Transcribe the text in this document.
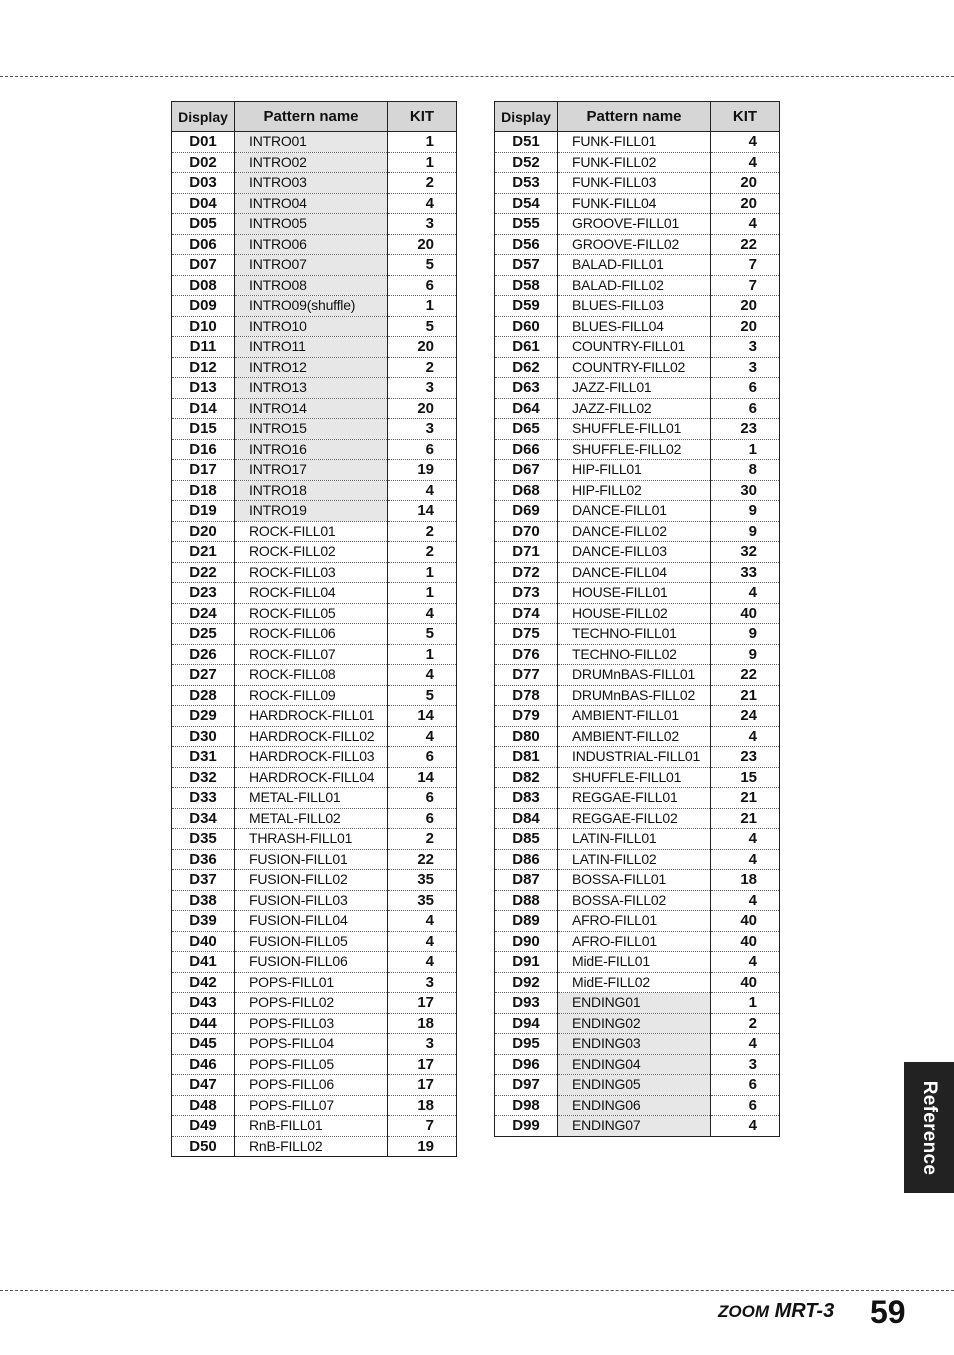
Display	Pattern name	KIT
D01	INTRO01	1
D02	INTRO02	1
D03	INTRO03	2
D04	INTRO04	4
D05	INTRO05	3
D06	INTRO06	20
D07	INTRO07	5
D08	INTRO08	6
D09	INTRO09(shuffle)	1
D10	INTRO10	5
D11	INTRO11	20
D12	INTRO12	2
D13	INTRO13	3
D14	INTRO14	20
D15	INTRO15	3
D16	INTRO16	6
D17	INTRO17	19
D18	INTRO18	4
D19	INTRO19	14
D20	ROCK-FILL01	2
D21	ROCK-FILL02	2
D22	ROCK-FILL03	1
D23	ROCK-FILL04	1
D24	ROCK-FILL05	4
D25	ROCK-FILL06	5
D26	ROCK-FILL07	1
D27	ROCK-FILL08	4
D28	ROCK-FILL09	5
D29	HARDROCK-FILL01	14
D30	HARDROCK-FILL02	4
D31	HARDROCK-FILL03	6
D32	HARDROCK-FILL04	14
D33	METAL-FILL01	6
D34	METAL-FILL02	6
D35	THRASH-FILL01	2
D36	FUSION-FILL01	22
D37	FUSION-FILL02	35
D38	FUSION-FILL03	35
D39	FUSION-FILL04	4
D40	FUSION-FILL05	4
D41	FUSION-FILL06	4
D42	POPS-FILL01	3
D43	POPS-FILL02	17
D44	POPS-FILL03	18
D45	POPS-FILL04	3
D46	POPS-FILL05	17
D47	POPS-FILL06	17
D48	POPS-FILL07	18
D49	RnB-FILL01	7
D50	RnB-FILL02	19
Display	Pattern name	KIT
D51	FUNK-FILL01	4
D52	FUNK-FILL02	4
D53	FUNK-FILL03	20
D54	FUNK-FILL04	20
D55	GROOVE-FILL01	4
D56	GROOVE-FILL02	22
D57	BALAD-FILL01	7
D58	BALAD-FILL02	7
D59	BLUES-FILL03	20
D60	BLUES-FILL04	20
D61	COUNTRY-FILL01	3
D62	COUNTRY-FILL02	3
D63	JAZZ-FILL01	6
D64	JAZZ-FILL02	6
D65	SHUFFLE-FILL01	23
D66	SHUFFLE-FILL02	1
D67	HIP-FILL01	8
D68	HIP-FILL02	30
D69	DANCE-FILL01	9
D70	DANCE-FILL02	9
D71	DANCE-FILL03	32
D72	DANCE-FILL04	33
D73	HOUSE-FILL01	4
D74	HOUSE-FILL02	40
D75	TECHNO-FILL01	9
D76	TECHNO-FILL02	9
D77	DRUMnBAS-FILL01	22
D78	DRUMnBAS-FILL02	21
D79	AMBIENT-FILL01	24
D80	AMBIENT-FILL02	4
D81	INDUSTRIAL-FILL01	23
D82	SHUFFLE-FILL01	15
D83	REGGAE-FILL01	21
D84	REGGAE-FILL02	21
D85	LATIN-FILL01	4
D86	LATIN-FILL02	4
D87	BOSSA-FILL01	18
D88	BOSSA-FILL02	4
D89	AFRO-FILL01	40
D90	AFRO-FILL01	40
D91	MidE-FILL01	4
D92	MidE-FILL02	40
D93	ENDING01	1
D94	ENDING02	2
D95	ENDING03	4
D96	ENDING04	3
D97	ENDING05	6
D98	ENDING06	6
D99	ENDING07	4	Reference
ZOOM MRT-3 59
